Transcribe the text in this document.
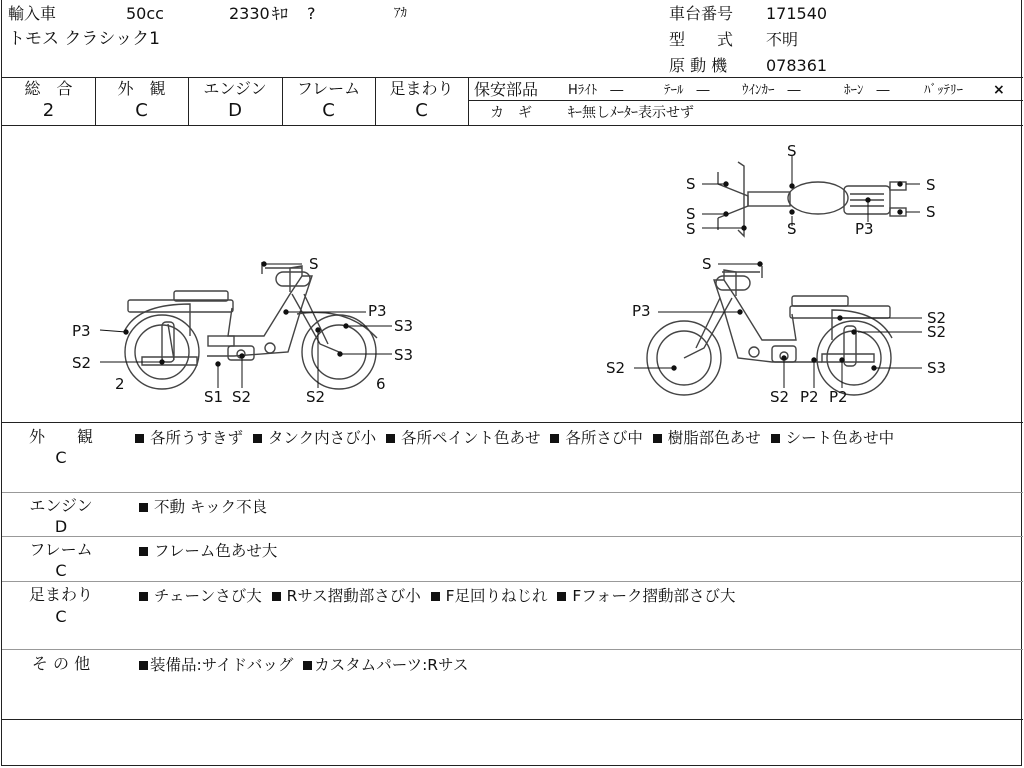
輸入車	50cc	2330 ｷﾛ ?	ｱｶ
トモス クラシック1
車台番号 171540
型　　式 不明
原 動 機 078361
総　合
2
外　観
C
エンジン
D
フレーム
C
足まわり
C
保安部品 Hﾗｲﾄ　―	ﾃｰﾙ　― ｳｲﾝｶｰ　―	ﾎｰﾝ　―	ﾊﾞｯﾃﾘｰ ×
カ　ギ	ｷｰ無しﾒｰﾀｰ表示せず
S
S
S
S	S
S
S
P3
S
P3
S2
P3
S3
S3
S1 S2	S2
2	6
S
P3	S2
S2
S2	S3
S2 P2 P2
外　　観
C
各所うすきず タンク内さび小 各所ペイント色あせ 各所さび中 樹脂部色あせ シート色あせ中
エンジン
D
不動 キック不良
フレーム
C
フレーム色あせ大
足まわり
C
チェーンさび大 Rサス摺動部さび小 F足回りねじれ Fフォーク摺動部さび大
そ の 他	装備品:サイドバッグ カスタムパーツ:Rサス
